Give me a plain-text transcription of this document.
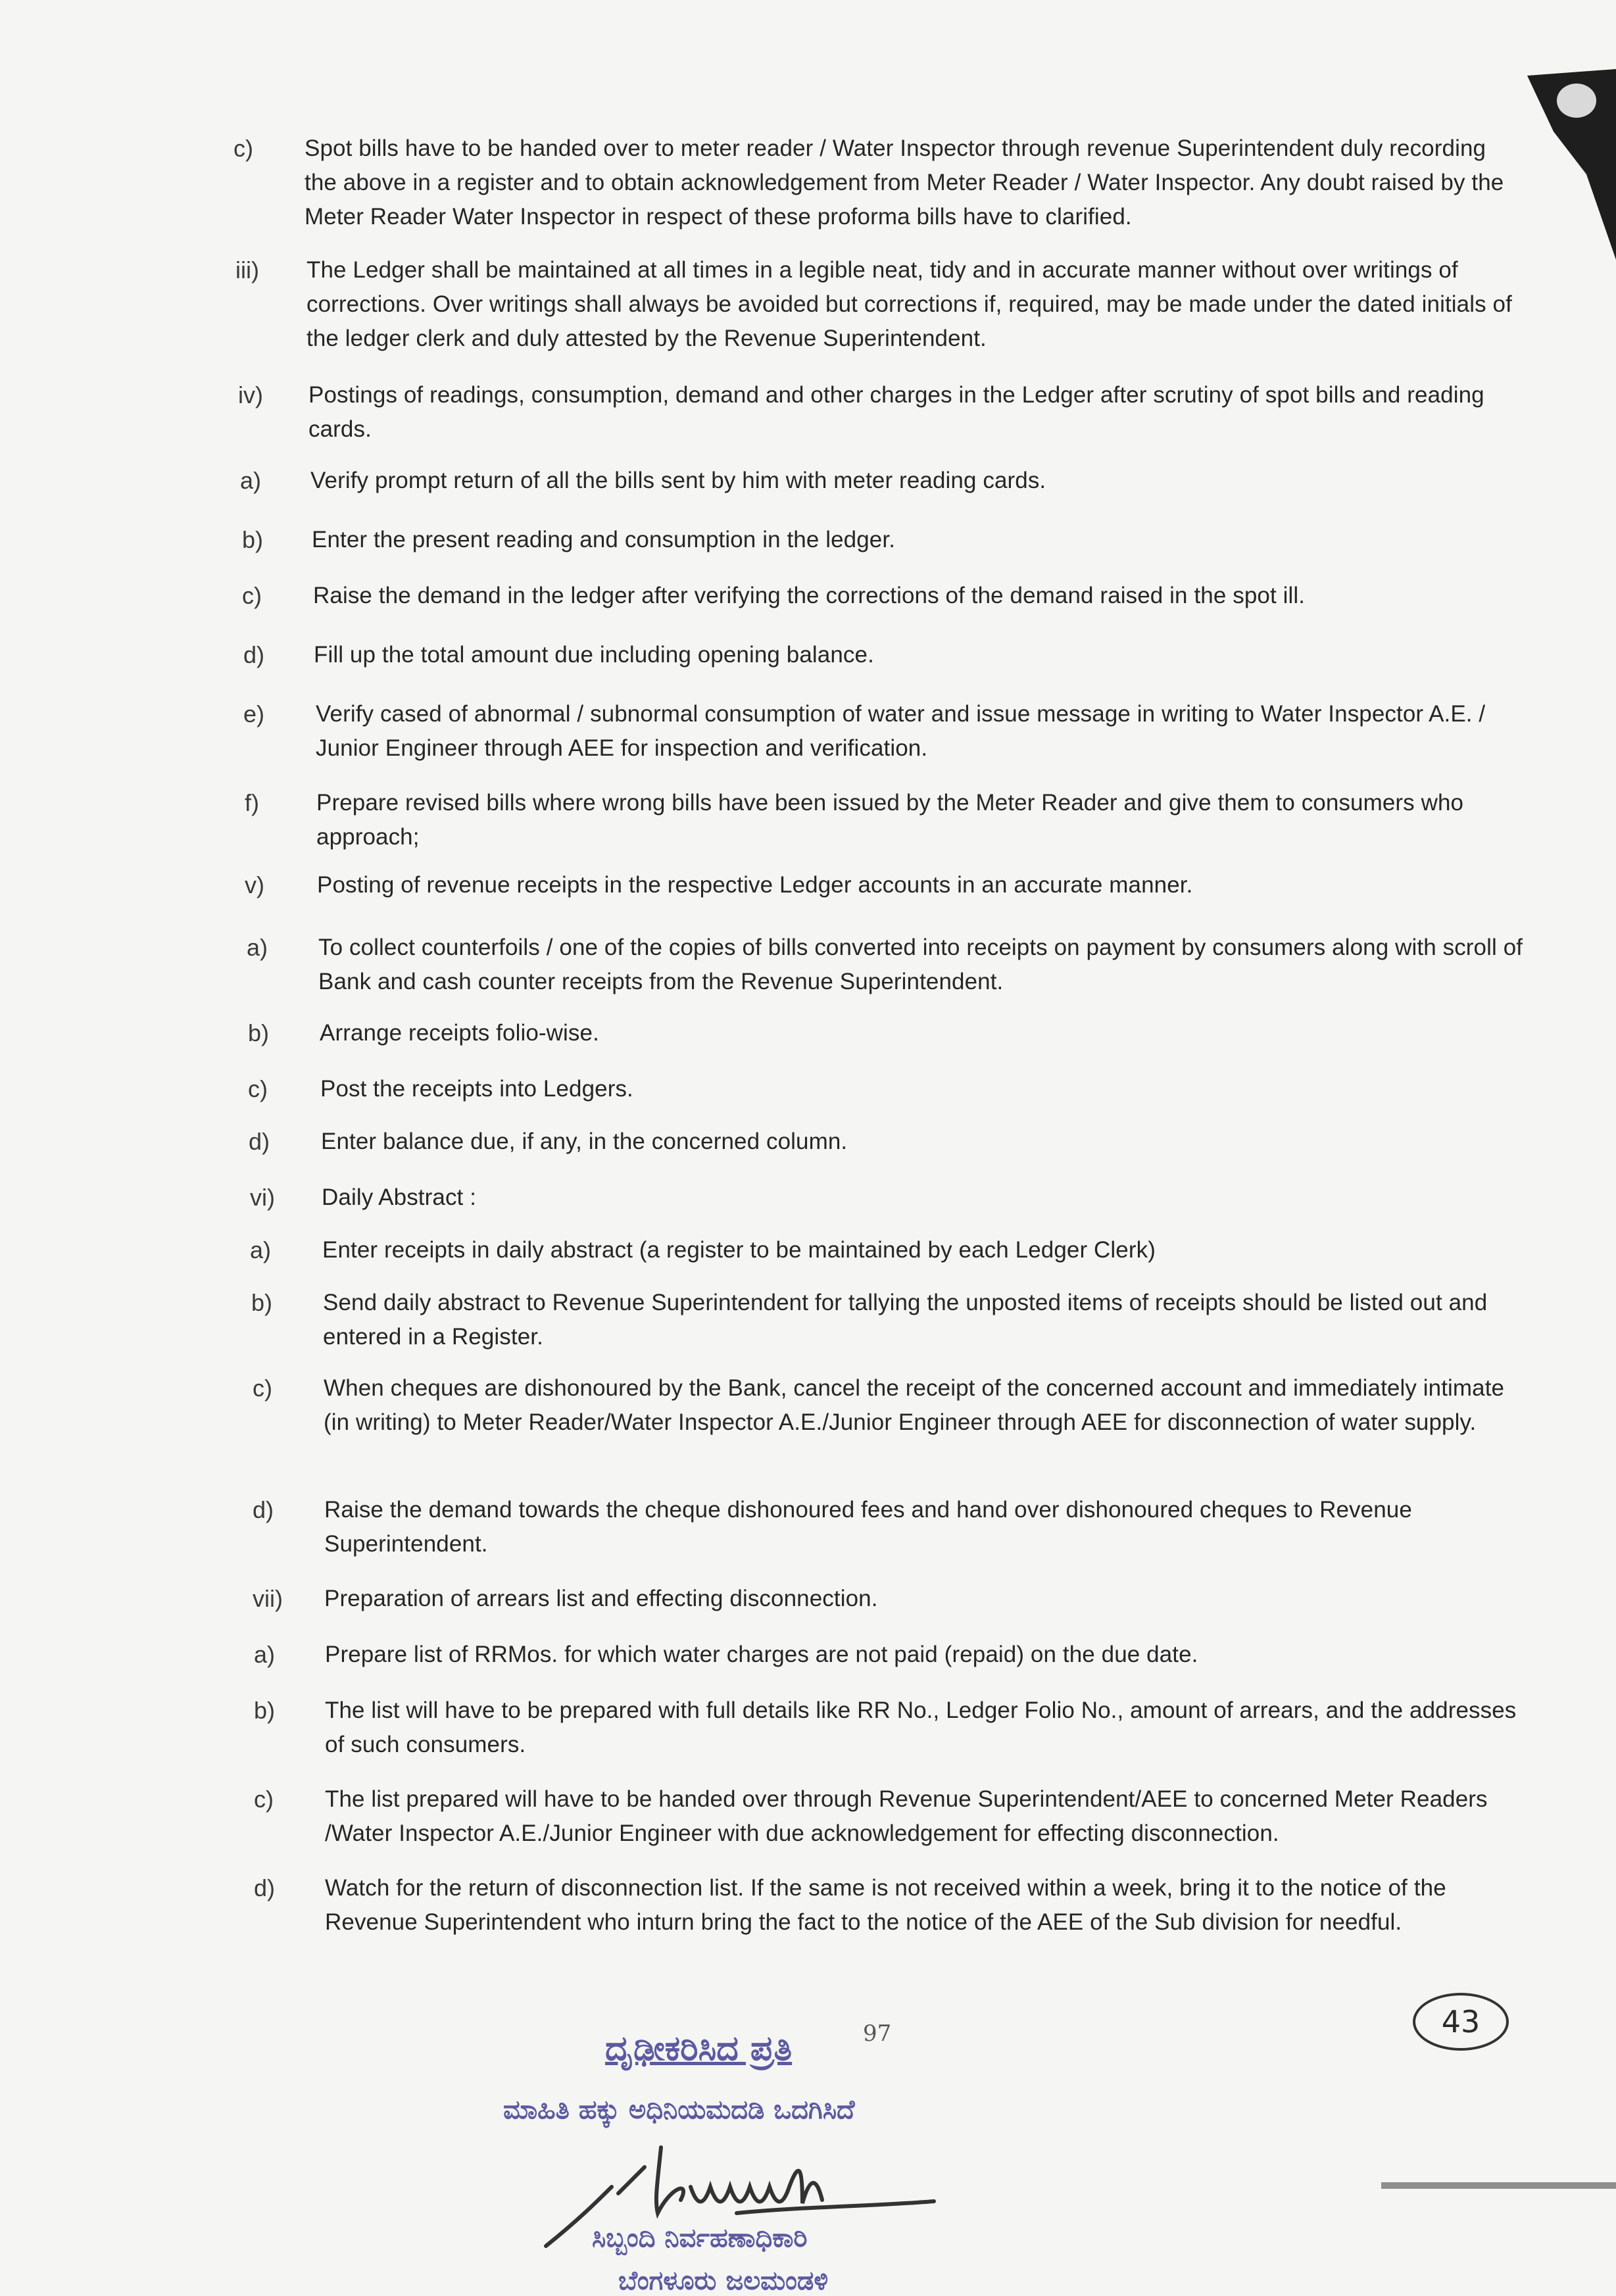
c) Spot bills have to be handed over to meter reader / Water Inspector through revenue Superintendent duly recording the above in a register and to obtain acknowledgement from Meter Reader / Water Inspector. Any doubt raised by the Meter Reader Water Inspector in respect of these proforma bills have to clarified.
iii) The Ledger shall be maintained at all times in a legible neat, tidy and in accurate manner without over writings of corrections. Over writings shall always be avoided but corrections if, required, may be made under the dated initials of the ledger clerk and duly attested by the Revenue Superintendent.
iv) Postings of readings, consumption, demand and other charges in the Ledger after scrutiny of spot bills and reading cards.
a) Verify prompt return of all the bills sent by him with meter reading cards.
b) Enter the present reading and consumption in the ledger.
c) Raise the demand in the ledger after verifying the corrections of the demand raised in the spot ill.
d) Fill up the total amount due including opening balance.
e) Verify cased of abnormal / subnormal consumption of water and issue message in writing to Water Inspector A.E. / Junior Engineer through AEE for inspection and verification.
f) Prepare revised bills where wrong bills have been issued by the Meter Reader and give them to consumers who approach;
v) Posting of revenue receipts in the respective Ledger accounts in an accurate manner.
a) To collect counterfoils / one of the copies of bills converted into receipts on payment by consumers along with scroll of Bank and cash counter receipts from the Revenue Superintendent.
b) Arrange receipts folio-wise.
c) Post the receipts into Ledgers.
d) Enter balance due, if any, in the concerned column.
vi) Daily Abstract :
a) Enter receipts in daily abstract (a register to be maintained by each Ledger Clerk)
b) Send daily abstract to Revenue Superintendent for tallying the unposted items of receipts should be listed out and entered in a Register.
c) When cheques are dishonoured by the Bank, cancel the receipt of the concerned account and immediately intimate (in writing) to Meter Reader/Water Inspector A.E./Junior Engineer through AEE for disconnection of water supply.
d) Raise the demand towards the cheque dishonoured fees and hand over dishonoured cheques to Revenue Superintendent.
vii) Preparation of arrears list and effecting disconnection.
a) Prepare list of RRMos. for which water charges are not paid (repaid) on the due date.
b) The list will have to be prepared with full details like RR No., Ledger Folio No., amount of arrears, and the addresses of such consumers.
c) The list prepared will have to be handed over through Revenue Superintendent/AEE to concerned Meter Readers /Water Inspector A.E./Junior Engineer with due acknowledgement for effecting disconnection.
d) Watch for the return of disconnection list. If the same is not received within a week, bring it to the notice of the Revenue Superintendent who inturn bring the fact to the notice of the AEE of the Sub division for needful.
97	43
ದೃಢೀಕರಿಸಿದ ಪ್ರತಿ
ಮಾಹಿತಿ ಹಕ್ಕು ಅಧಿನಿಯಮದಡಿ ಒದಗಿಸಿದೆ
ಸಿಬ್ಬಂದಿ ನಿರ್ವಹಣಾಧಿಕಾರಿ
ಬೆಂಗಳೂರು ಜಲಮಂಡಳಿ
